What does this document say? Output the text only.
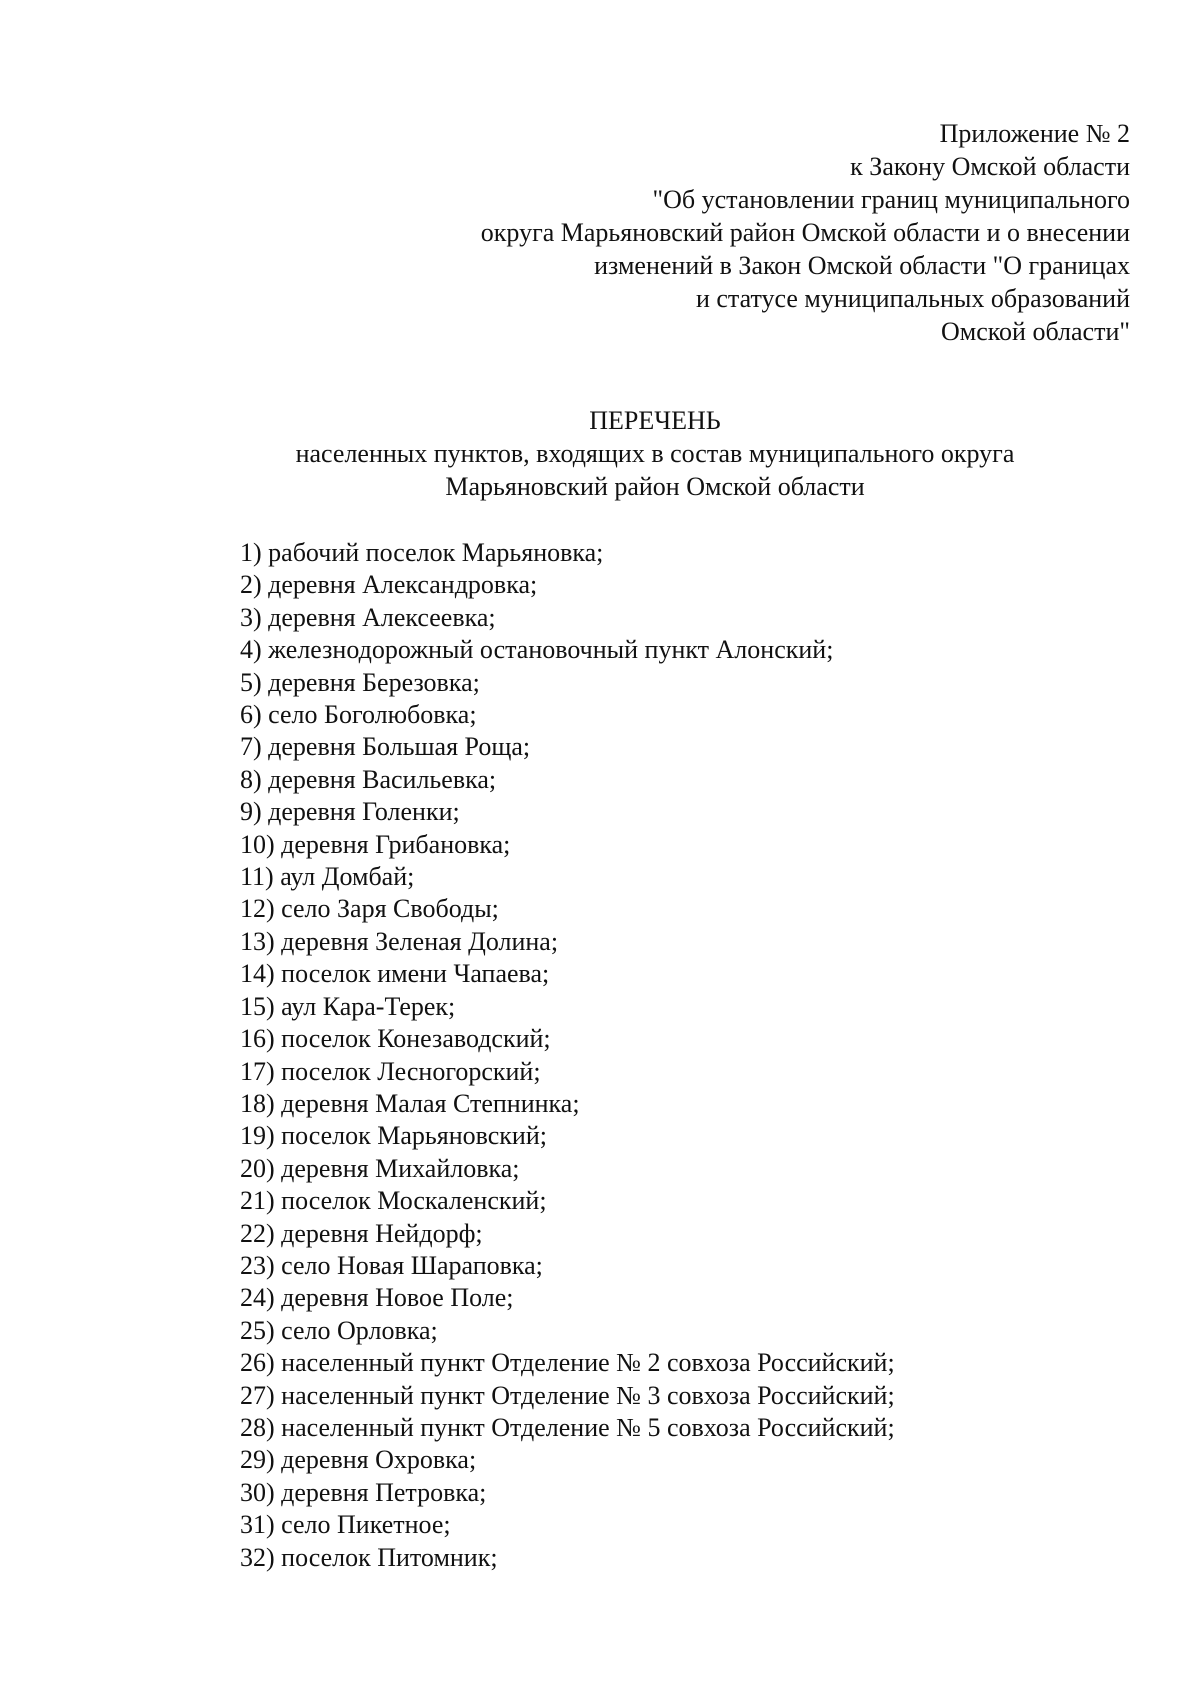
Приложение № 2
к Закону Омской области
"Об установлении границ муниципального
округа Марьяновский район Омской области и о внесении
изменений в Закон Омской области "О границах
и статусе муниципальных образований
Омской области"
ПЕРЕЧЕНЬ
населенных пунктов, входящих в состав муниципального округа
Марьяновский район Омской области
1) рабочий поселок Марьяновка;
2) деревня Александровка;
3) деревня Алексеевка;
4) железнодорожный остановочный пункт Алонский;
5) деревня Березовка;
6) село Боголюбовка;
7) деревня Большая Роща;
8) деревня Васильевка;
9) деревня Голенки;
10) деревня Грибановка;
11) аул Домбай;
12) село Заря Свободы;
13) деревня Зеленая Долина;
14) поселок имени Чапаева;
15) аул Кара-Терек;
16) поселок Конезаводский;
17) поселок Лесногорский;
18) деревня Малая Степнинка;
19) поселок Марьяновский;
20) деревня Михайловка;
21) поселок Москаленский;
22) деревня Нейдорф;
23) село Новая Шараповка;
24) деревня Новое Поле;
25) село Орловка;
26) населенный пункт Отделение № 2 совхоза Российский;
27) населенный пункт Отделение № 3 совхоза Российский;
28) населенный пункт Отделение № 5 совхоза Российский;
29) деревня Охровка;
30) деревня Петровка;
31) село Пикетное;
32) поселок Питомник;
